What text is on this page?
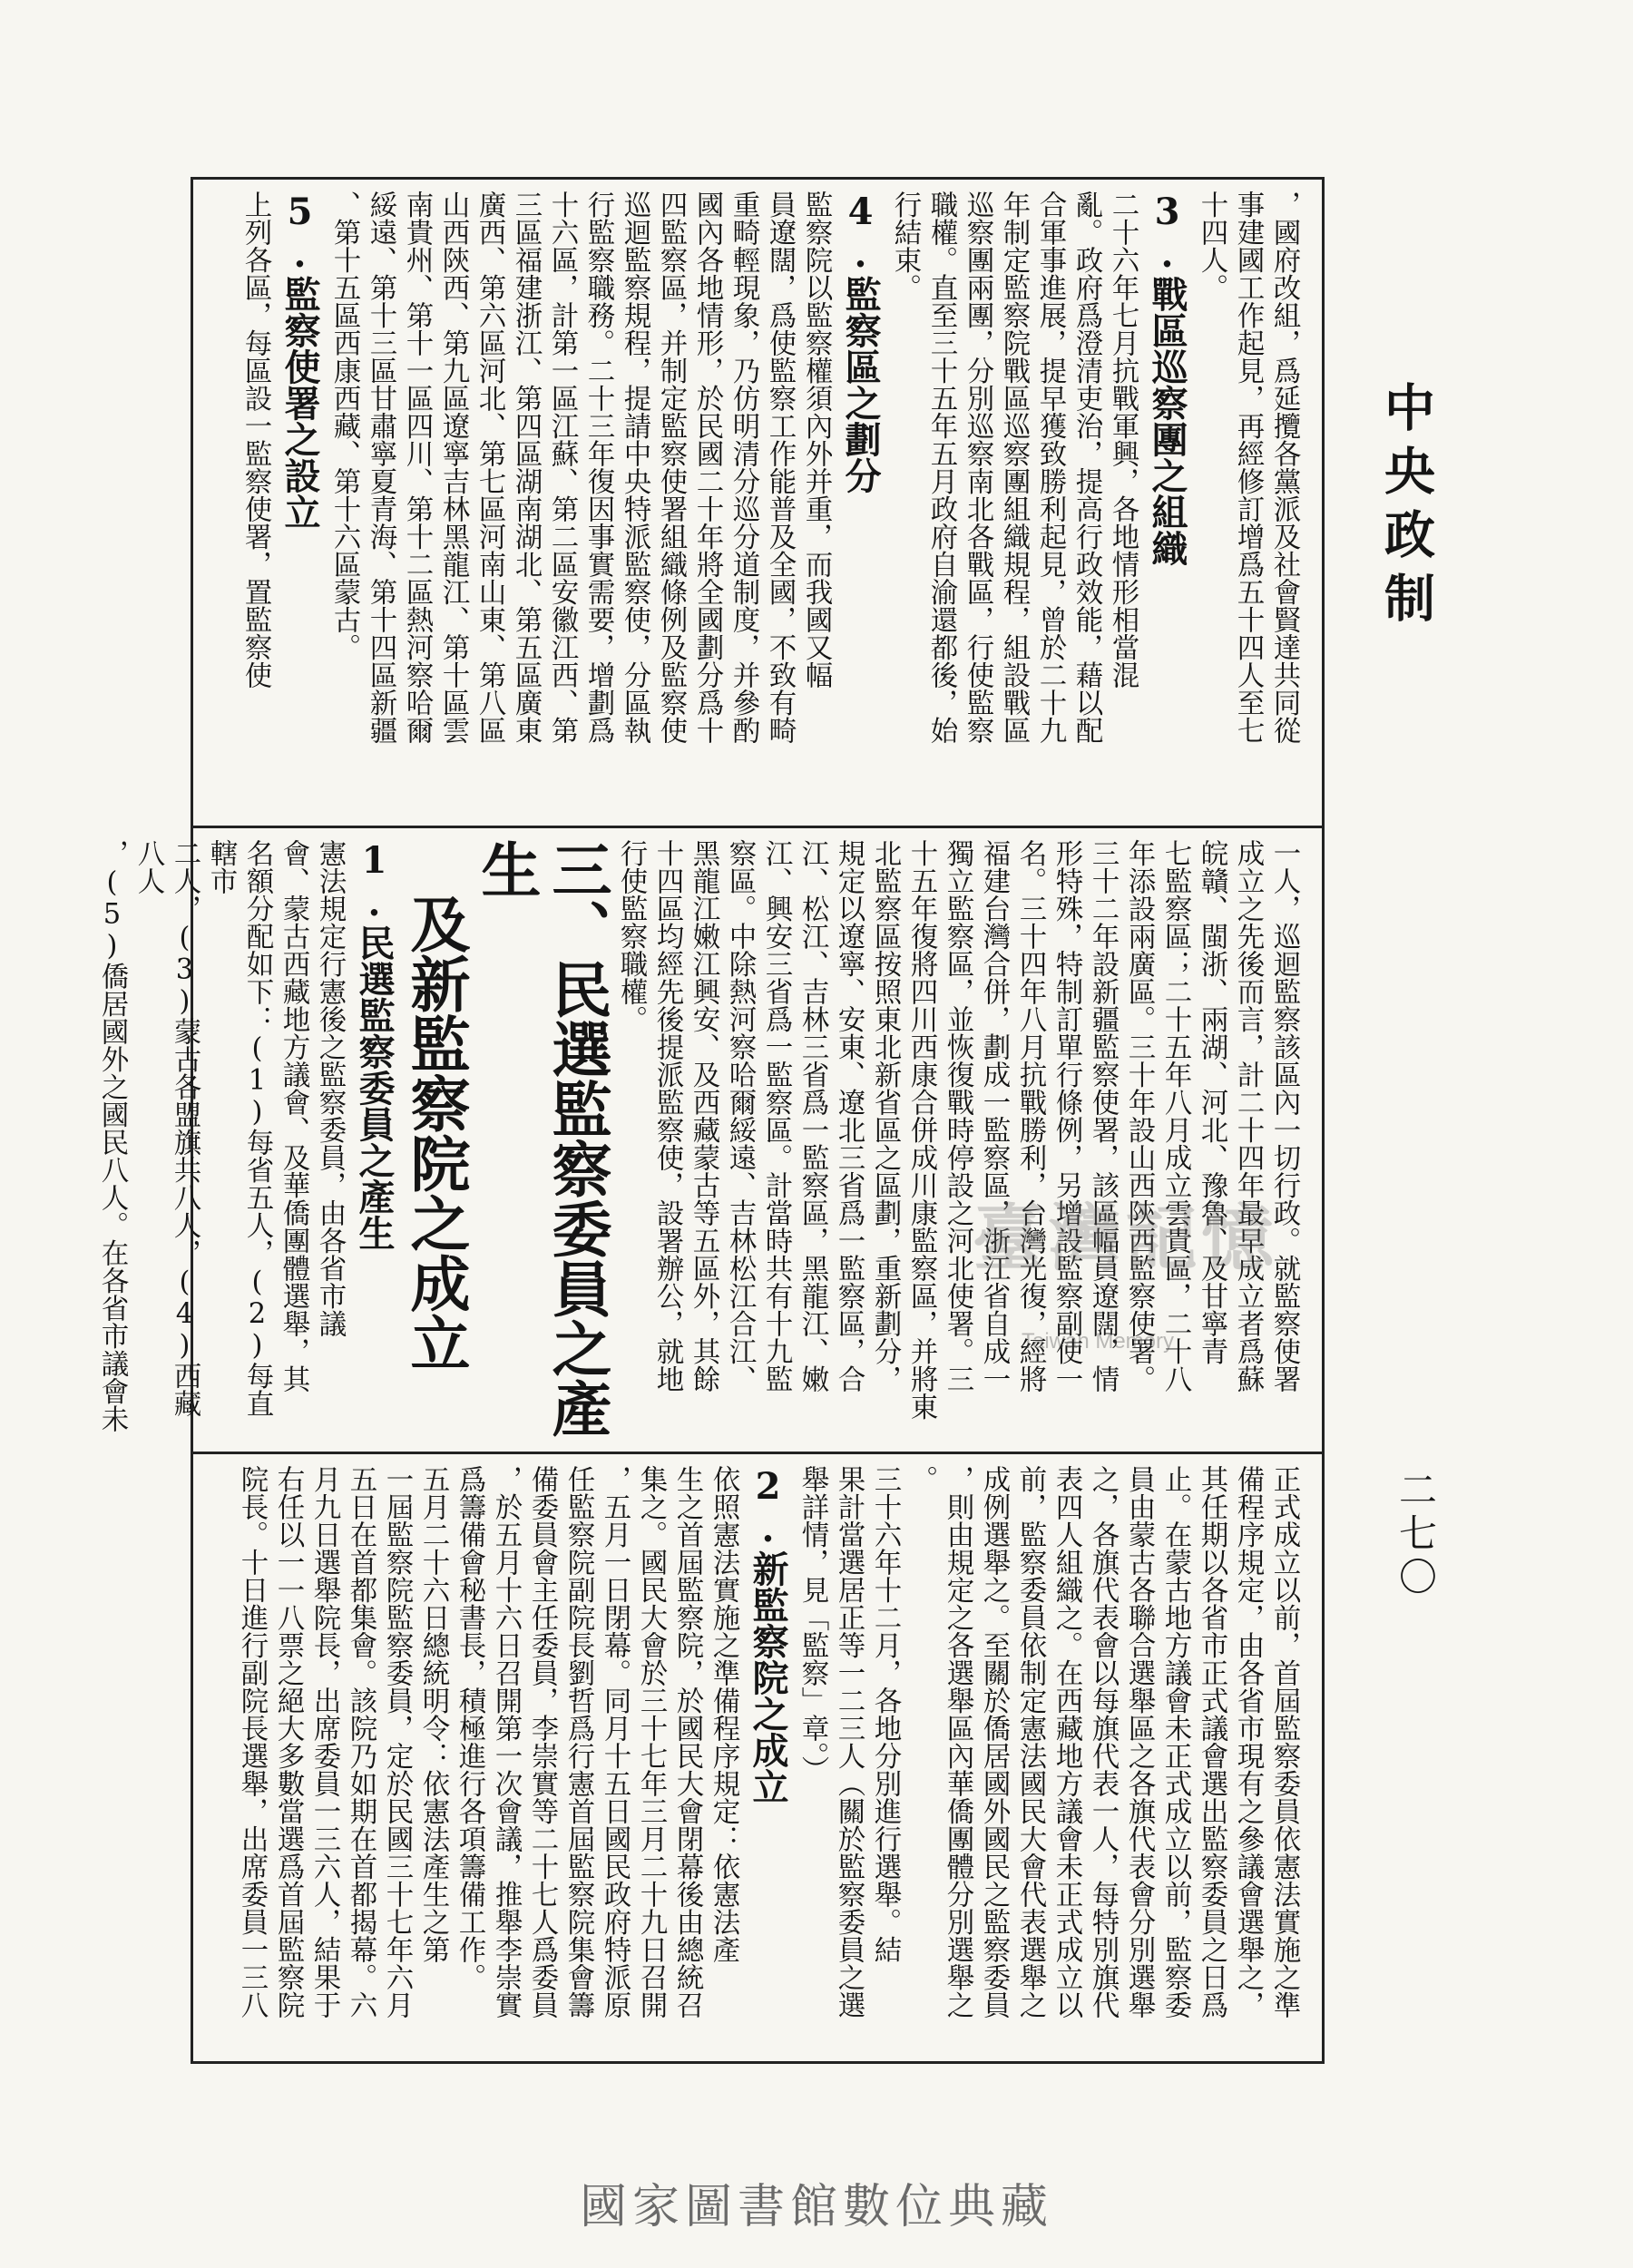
中央政制
二七〇
，國府改組，爲延攬各黨派及社會賢達共同從
事建國工作起見，再經修訂增爲五十四人至七
十四人。
3.戰區巡察團之組織
二十六年七月抗戰軍興，各地情形相當混
亂。政府爲澄清吏治，提高行政效能，藉以配
合軍事進展，提早獲致勝利起見，曾於二十九
年制定監察院戰區巡察團組織規程，組設戰區
巡察團兩團，分別巡察南北各戰區，行使監察
職權。直至三十五年五月政府自渝還都後，始
行結束。
4.監察區之劃分
監察院以監察權須內外并重，而我國又幅
員遼闊，爲使監察工作能普及全國，不致有畸
重畸輕現象，乃仿明清分巡分道制度，并參酌
國內各地情形，於民國二十年將全國劃分爲十
四監察區，并制定監察使署組織條例及監察使
巡迴監察規程，提請中央特派監察使，分區執
行監察職務。二十三年復因事實需要，增劃爲
十六區，計第一區江蘇、第二區安徽江西、第
三區福建浙江、第四區湖南湖北、第五區廣東
廣西、第六區河北、第七區河南山東、第八區
山西陝西、第九區遼寧吉林黑龍江、第十區雲
南貴州、第十一區四川、第十二區熱河察哈爾
綏遠、第十三區甘肅寧夏青海、第十四區新疆
、第十五區西康西藏、第十六區蒙古。
5.監察使署之設立
上列各區，每區設一監察使署，置監察使
一人，巡迴監察該區內一切行政。就監察使署
成立之先後而言，計二十四年最早成立者爲蘇
皖贛、閩浙、兩湖、河北、豫魯、及甘寧青
七監察區；二十五年八月成立雲貴區，二十八
年添設兩廣區。三十年設山西陝西監察使署。
三十二年設新疆監察使署，該區幅員遼闊，情
形特殊，特制訂單行條例，另增設監察副使一
名。三十四年八月抗戰勝利，台灣光復，經將
福建台灣合併，劃成一監察區，浙江省自成一
獨立監察區，並恢復戰時停設之河北使署。三
十五年復將四川西康合併成川康監察區，并將東
北監察區按照東北新省區之區劃，重新劃分，
規定以遼寧、安東、遼北三省爲一監察區，合
江、松江、吉林三省爲一監察區，黑龍江、嫩
江、興安三省爲一監察區。計當時共有十九監
察區。中除熱河察哈爾綏遠、吉林松江合江、
黑龍江嫩江興安、及西藏蒙古等五區外，其餘
十四區均經先後提派監察使，設署辦公，就地
行使監察職權。
三、民選監察委員之產生
及新監察院之成立
1.民選監察委員之產生
憲法規定行憲後之監察委員，由各省市議
會、蒙古西藏地方議會、及華僑團體選舉，其
名額分配如下：(1)每省五人，(2)每直轄市
二人，(3)蒙古各盟旗共八人，(4)西藏八人
，(5)僑居國外之國民八人。在各省市議會未
正式成立以前，首屆監察委員依憲法實施之準
備程序規定，由各省市現有之參議會選舉之，
其任期以各省市正式議會選出監察委員之日爲
止。在蒙古地方議會未正式成立以前，監察委
員由蒙古各聯合選舉區之各旗代表會分別選舉
之，各旗代表會以每旗代表一人，每特別旗代
表四人組織之。在西藏地方議會未正式成立以
前，監察委員依制定憲法國民大會代表選舉之
成例選舉之。至關於僑居國外國民之監察委員
，則由規定之各選舉區內華僑團體分別選舉之
。
三十六年十二月，各地分別進行選舉。結
果計當選居正等一二三人（關於監察委員之選
舉詳情，見「監察」章。）
2.新監察院之成立
依照憲法實施之準備程序規定：依憲法產
生之首屆監察院，於國民大會閉幕後由總統召
集之。國民大會於三十七年三月二十九日召開
，五月一日閉幕。同月十五日國民政府特派原
任監察院副院長劉哲爲行憲首屆監察院集會籌
備委員會主任委員，李崇實等二十七人爲委員
，於五月十六日召開第一次會議，推舉李崇實
爲籌備會秘書長，積極進行各項籌備工作。
五月二十六日總統明令：依憲法產生之第
一屆監察院監察委員，定於民國三十七年六月
五日在首都集會。該院乃如期在首都揭幕。六
月九日選舉院長，出席委員一三六人，結果于
右任以一一八票之絕大多數當選爲首屆監察院
院長。十日進行副院長選舉，出席委員一三八
臺灣記憶
Taiwan Memory
國家圖書館數位典藏
